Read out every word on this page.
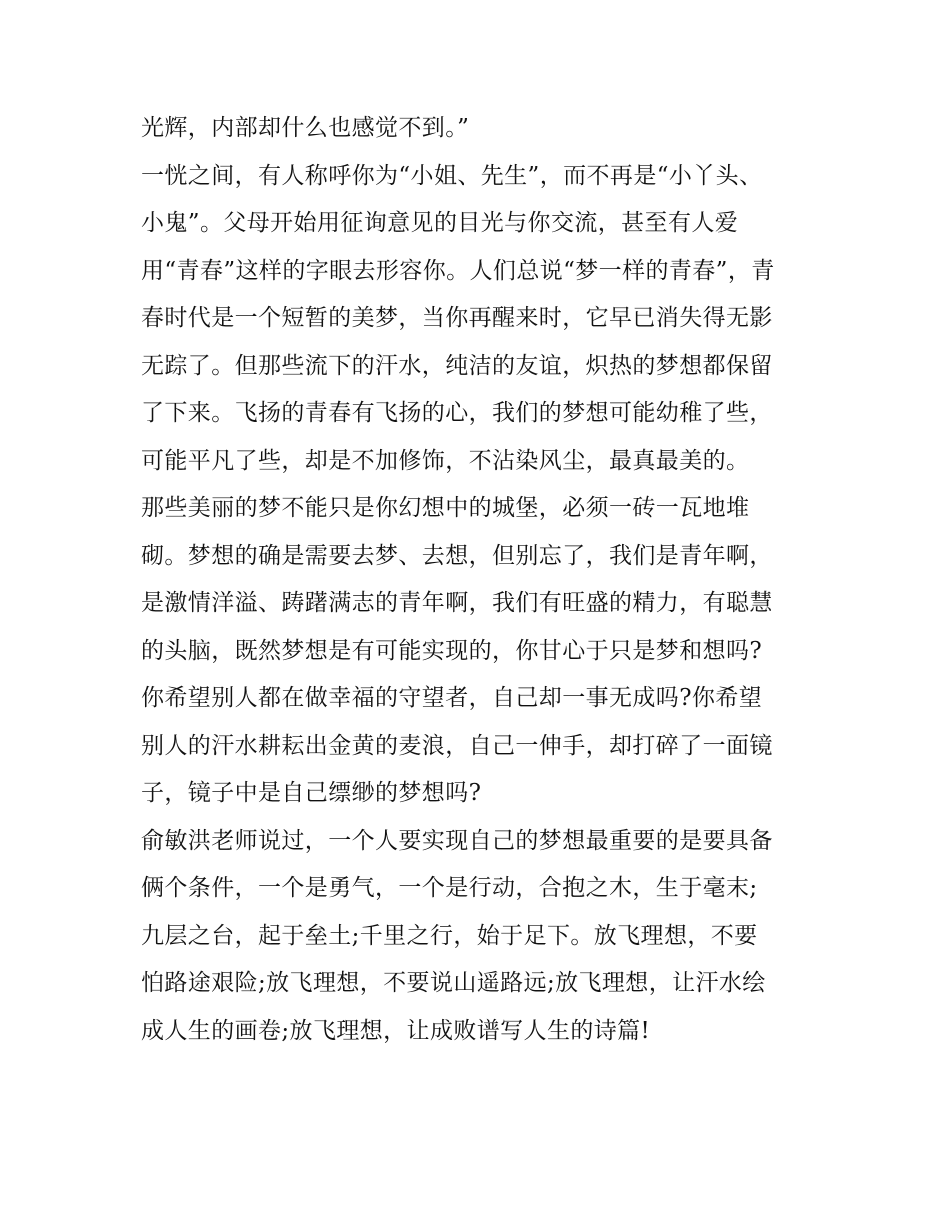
光辉，内部却什么也感觉不到。”
一恍之间，有人称呼你为“小姐、先生”，而不再是“小丫头、
小鬼”。父母开始用征询意见的目光与你交流，甚至有人爱
用“青春”这样的字眼去形容你。人们总说“梦一样的青春”，青
春时代是一个短暂的美梦，当你再醒来时，它早已消失得无影
无踪了。但那些流下的汗水，纯洁的友谊，炽热的梦想都保留
了下来。飞扬的青春有飞扬的心，我们的梦想可能幼稚了些，
可能平凡了些，却是不加修饰，不沾染风尘，最真最美的。
那些美丽的梦不能只是你幻想中的城堡，必须一砖一瓦地堆
砌。梦想的确是需要去梦、去想，但别忘了，我们是青年啊，
是激情洋溢、踌躇满志的青年啊，我们有旺盛的精力，有聪慧
的头脑，既然梦想是有可能实现的，你甘心于只是梦和想吗?
你希望别人都在做幸福的守望者，自己却一事无成吗?你希望
别人的汗水耕耘出金黄的麦浪，自己一伸手，却打碎了一面镜
子，镜子中是自己缥缈的梦想吗?
俞敏洪老师说过，一个人要实现自己的梦想最重要的是要具备
俩个条件，一个是勇气，一个是行动，合抱之木，生于毫末;
九层之台，起于垒土;千里之行，始于足下。放飞理想，不要
怕路途艰险;放飞理想，不要说山遥路远;放飞理想，让汗水绘
成人生的画卷;放飞理想，让成败谱写人生的诗篇!
